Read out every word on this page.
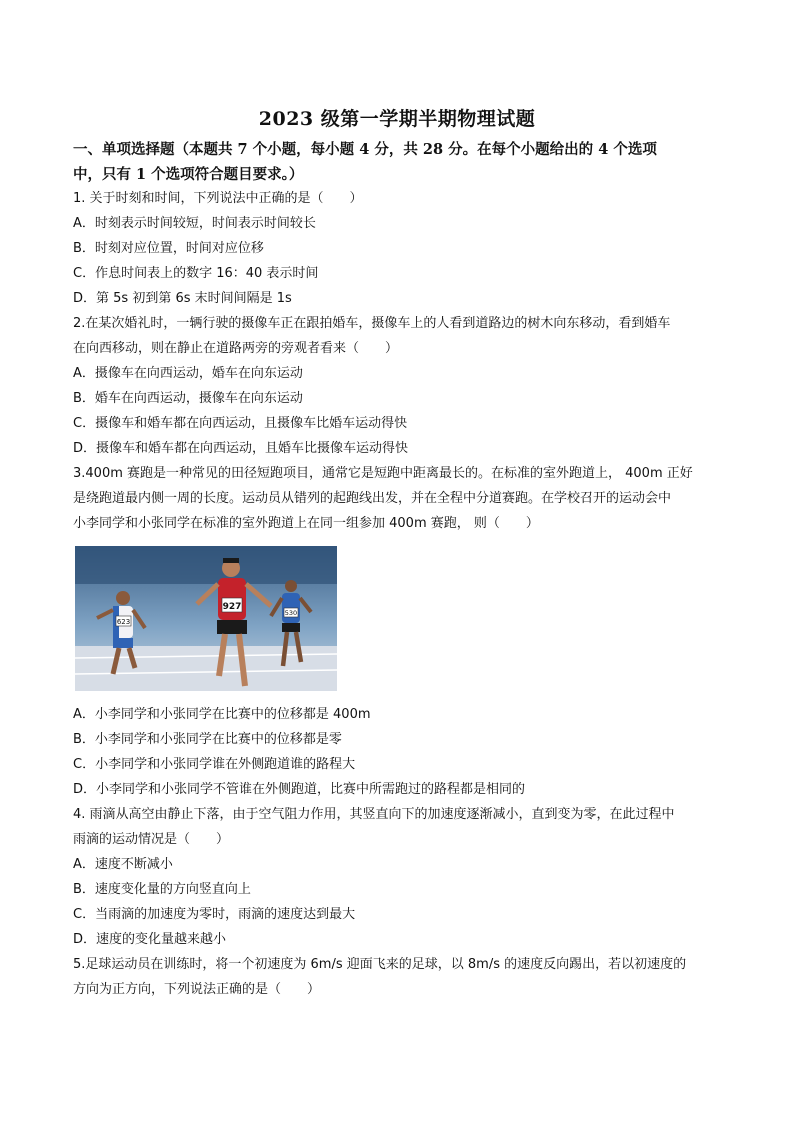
2023 级第一学期半期物理试题
一、单项选择题（本题共 7 个小题，每小题 4 分，共 28 分。在每个小题给出的 4 个选项
中，只有 1 个选项符合题目要求。）
1. 关于时刻和时间，下列说法中正确的是（　　）
A．时刻表示时间较短，时间表示时间较长
B．时刻对应位置，时间对应位移
C．作息时间表上的数字 16：40 表示时间
D．第 5s 初到第 6s 末时间间隔是 1s
2.在某次婚礼时，一辆行驶的摄像车正在跟拍婚车，摄像车上的人看到道路边的树木向东移动，看到婚车
在向西移动，则在静止在道路两旁的旁观者看来（　　）
A．摄像车在向西运动，婚车在向东运动
B．婚车在向西运动，摄像车在向东运动
C．摄像车和婚车都在向西运动，且摄像车比婚车运动得快
D．摄像车和婚车都在向西运动，且婚车比摄像车运动得快
3.400m 赛跑是一种常见的田径短跑项目，通常它是短跑中距离最长的。在标准的室外跑道上， 400m 正好
是绕跑道最内侧一周的长度。运动员从错列的起跑线出发，并在全程中分道赛跑。在学校召开的运动会中
小李同学和小张同学在标准的室外跑道上在同一组参加 400m 赛跑， 则（　　）
623
927
530
A．小李同学和小张同学在比赛中的位移都是 400m
B．小李同学和小张同学在比赛中的位移都是零
C．小李同学和小张同学谁在外侧跑道谁的路程大
D．小李同学和小张同学不管谁在外侧跑道，比赛中所需跑过的路程都是相同的
4. 雨滴从高空由静止下落，由于空气阻力作用，其竖直向下的加速度逐渐减小，直到变为零，在此过程中
雨滴的运动情况是（　　）
A．速度不断减小
B．速度变化量的方向竖直向上
C．当雨滴的加速度为零时，雨滴的速度达到最大
D．速度的变化量越来越小
5.足球运动员在训练时，将一个初速度为 6m/s 迎面飞来的足球，以 8m/s 的速度反向踢出，若以初速度的
方向为正方向，下列说法正确的是（　　）
